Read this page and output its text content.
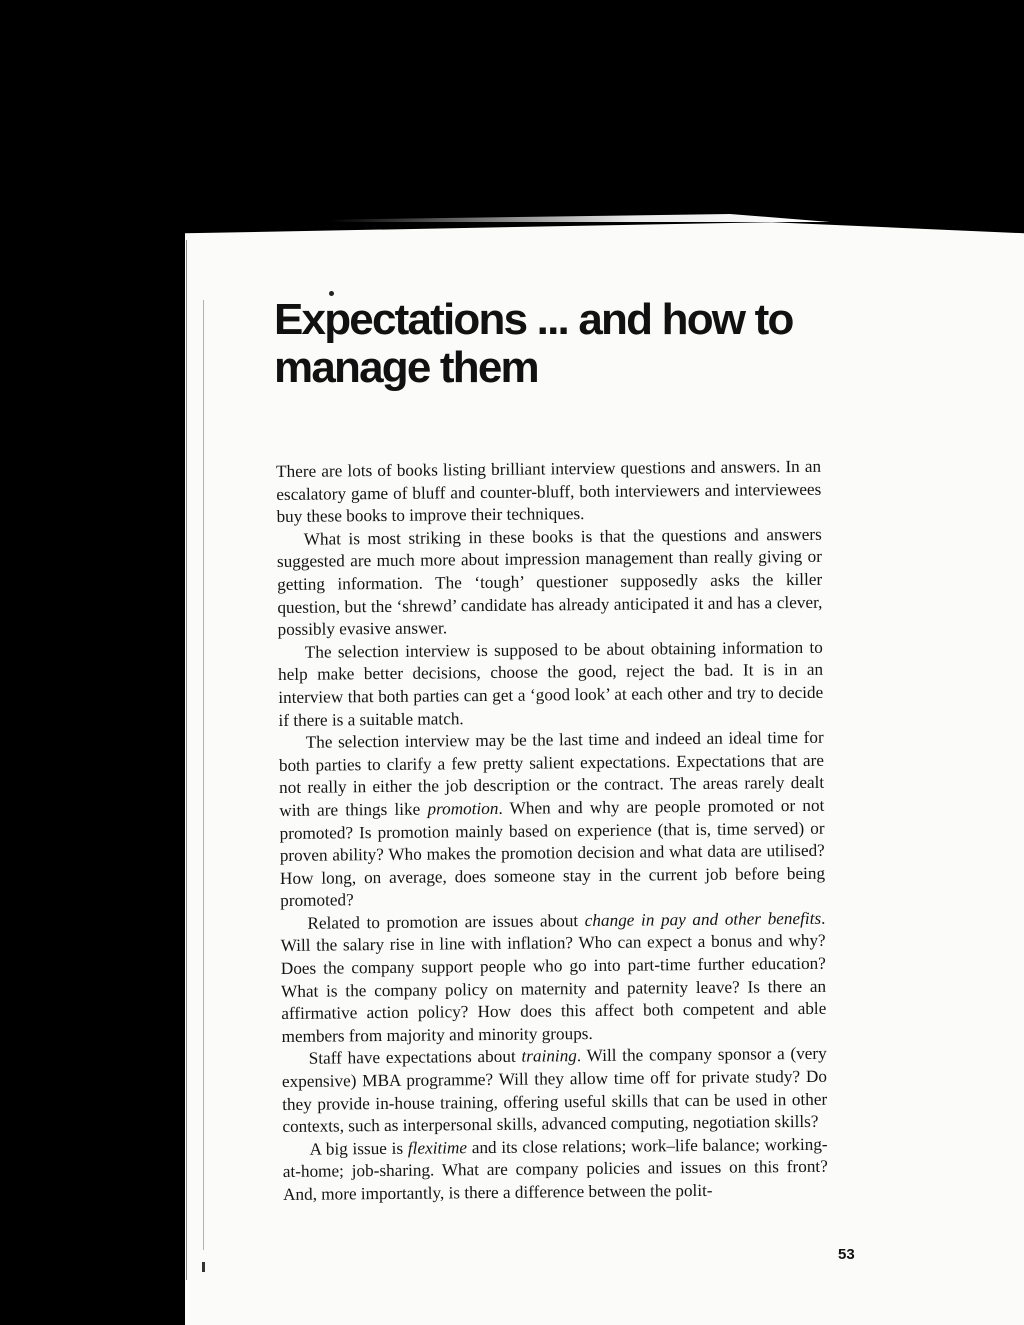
Expectations ... and how to
manage them

There are lots of books listing brilliant interview questions and answers. In an escalatory game of bluff and counter-bluff, both interviewers and interviewees buy these books to improve their techniques.

What is most striking in these books is that the questions and answers suggested are much more about impression management than really giving or getting information. The ‘tough’ questioner supposedly asks the killer question, but the ‘shrewd’ candidate has already anticipated it and has a clever, possibly evasive answer.

The selection interview is supposed to be about obtaining information to help make better decisions, choose the good, reject the bad. It is in an interview that both parties can get a ‘good look’ at each other and try to decide if there is a suitable match.

The selection interview may be the last time and indeed an ideal time for both parties to clarify a few pretty salient expectations. Expectations that are not really in either the job description or the contract. The areas rarely dealt with are things like promotion. When and why are people promoted or not promoted? Is promotion mainly based on experience (that is, time served) or proven ability? Who makes the promotion decision and what data are utilised? How long, on average, does someone stay in the current job before being promoted?

Related to promotion are issues about change in pay and other benefits. Will the salary rise in line with inflation? Who can expect a bonus and why? Does the company support people who go into part-time further education? What is the company policy on maternity and paternity leave? Is there an affirmative action policy? How does this affect both competent and able members from majority and minority groups.

Staff have expectations about training. Will the company sponsor a (very expensive) MBA programme? Will they allow time off for private study? Do they provide in-house training, offering useful skills that can be used in other contexts, such as interpersonal skills, advanced computing, negotiation skills?

A big issue is flexitime and its close relations; work–life balance; working-at-home; job-sharing. What are company policies and issues on this front? And, more importantly, is there a difference between the polit-

53
